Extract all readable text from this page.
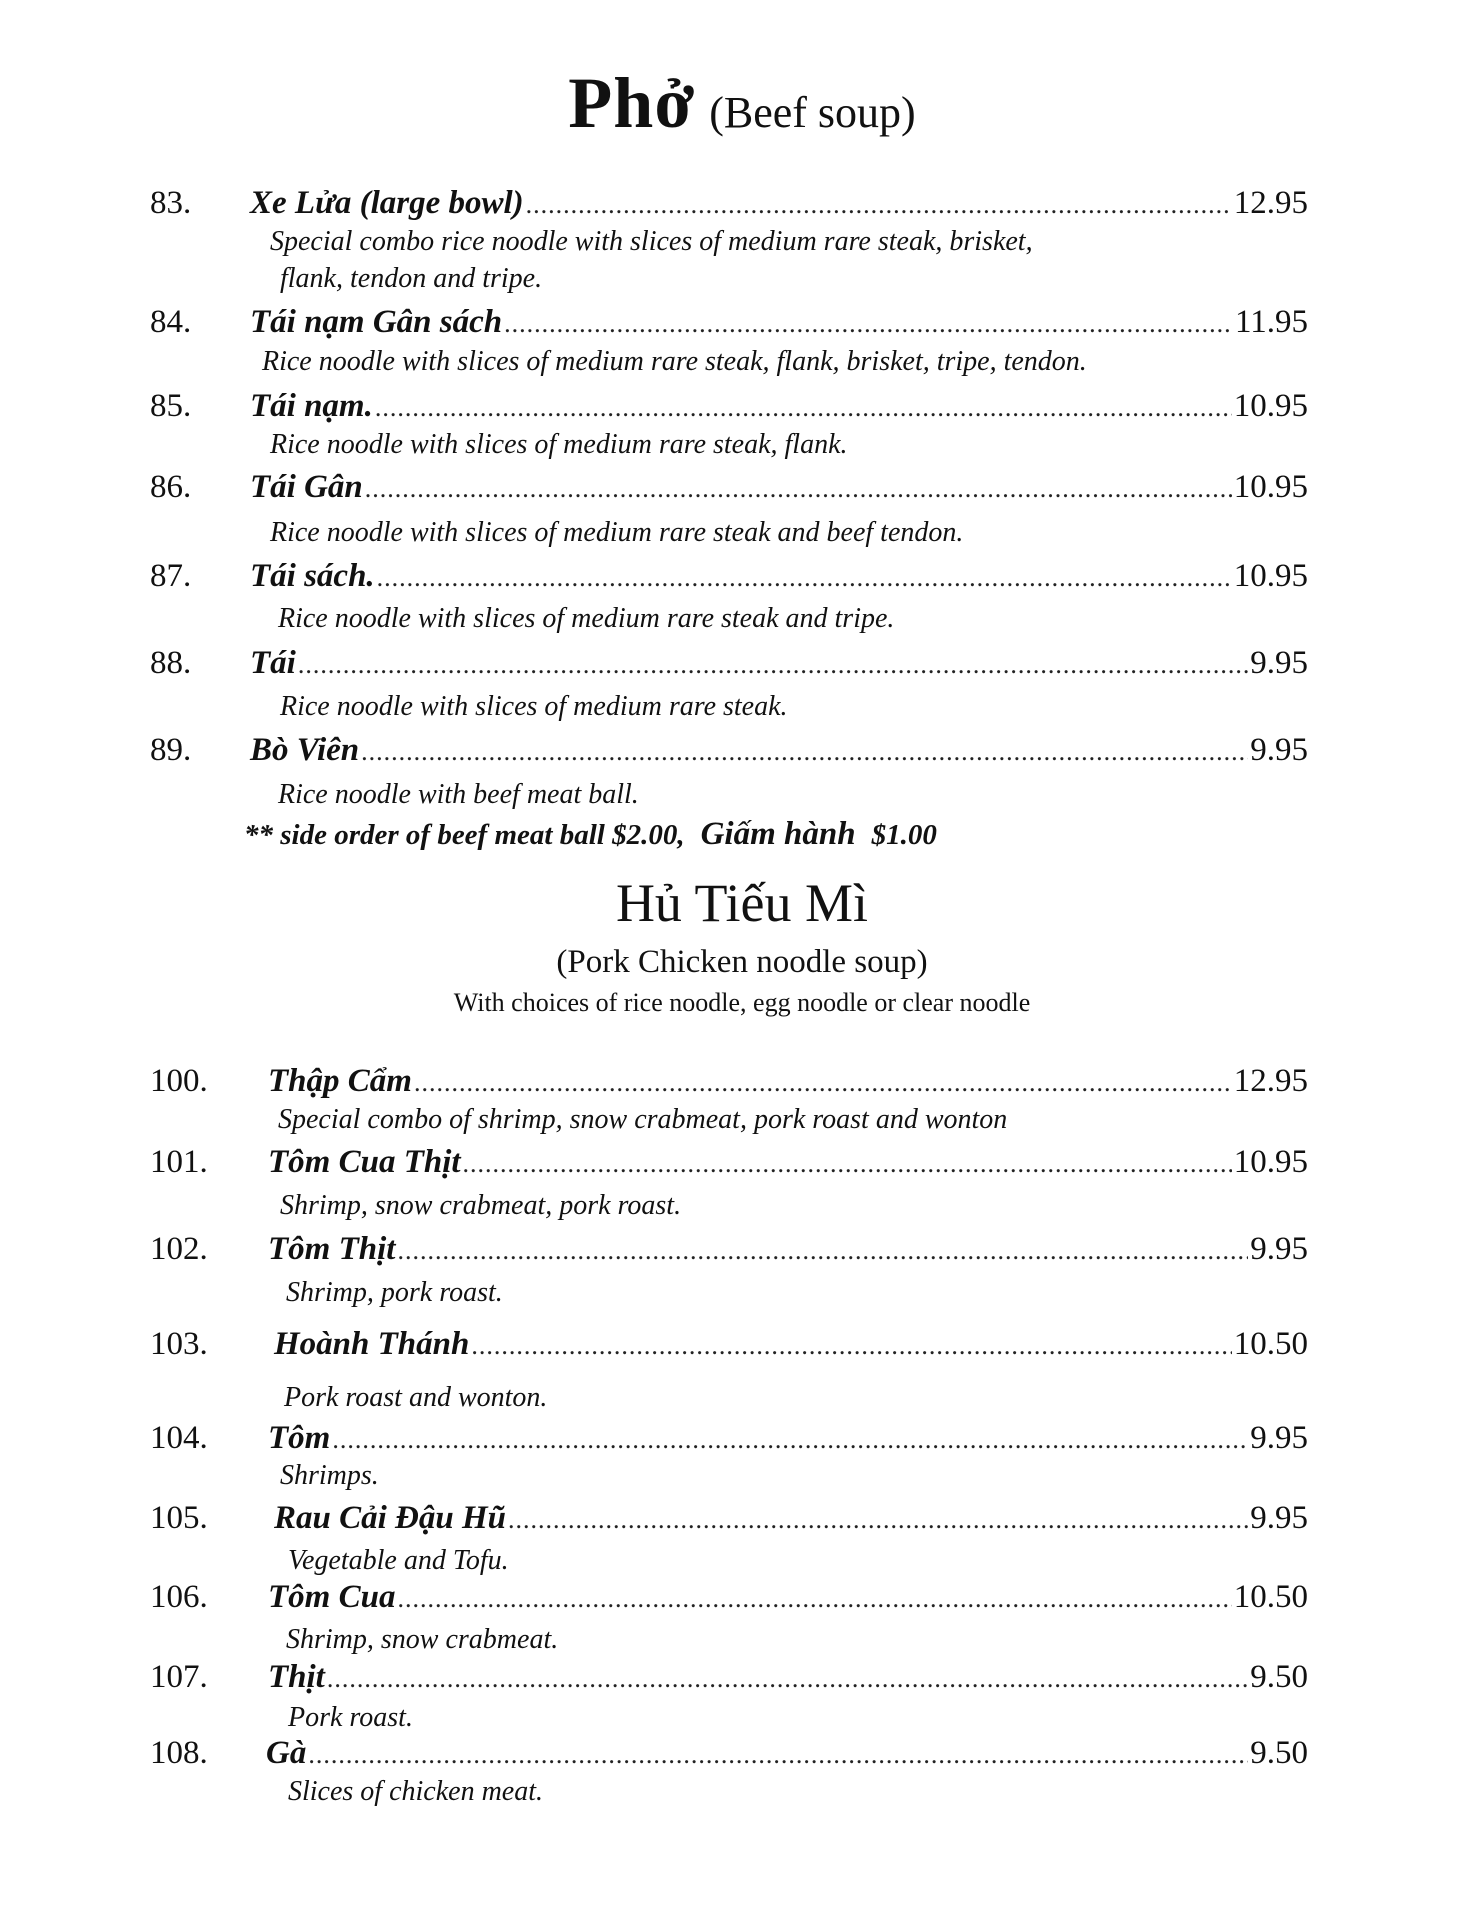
Phở (Beef soup)
83.	Xe Lửa (large bowl) .....	12.95
Special combo rice noodle with slices of medium rare steak, brisket,
flank, tendon and tripe.
84.	Tái nạm Gân sách .....	11.95
Rice noodle with slices of medium rare steak, flank, brisket, tripe, tendon.
85.	Tái nạm. .....	10.95
Rice noodle with slices of medium rare steak, flank.
86.	Tái Gân .....	10.95
Rice noodle with slices of medium rare steak and beef tendon.
87.	Tái sách. .....	10.95
Rice noodle with slices of medium rare steak and tripe.
88.	Tái .....	9.95
Rice noodle with slices of medium rare steak.
89.	Bò Viên .....	9.95
Rice noodle with beef meat ball.
** side order of beef meat ball $2.00, Giấm hành $1.00
Hủ Tiếu Mì
(Pork Chicken noodle soup)
With choices of rice noodle, egg noodle or clear noodle
100.	Thập Cẩm .....	12.95
Special combo of shrimp, snow crabmeat, pork roast and wonton
101.	Tôm Cua Thịt .....	10.95
Shrimp, snow crabmeat, pork roast.
102.	Tôm Thịt .....	9.95
Shrimp, pork roast.
103.	Hoành Thánh .....	10.50
Pork roast and wonton.
104.	Tôm .....	9.95
Shrimps.
105.	Rau Cải Đậu Hũ .....	9.95
Vegetable and Tofu.
106.	Tôm Cua .....	10.50
Shrimp, snow crabmeat.
107.	Thịt .....	9.50
Pork roast.
108.	Gà .....	9.50
Slices of chicken meat.
